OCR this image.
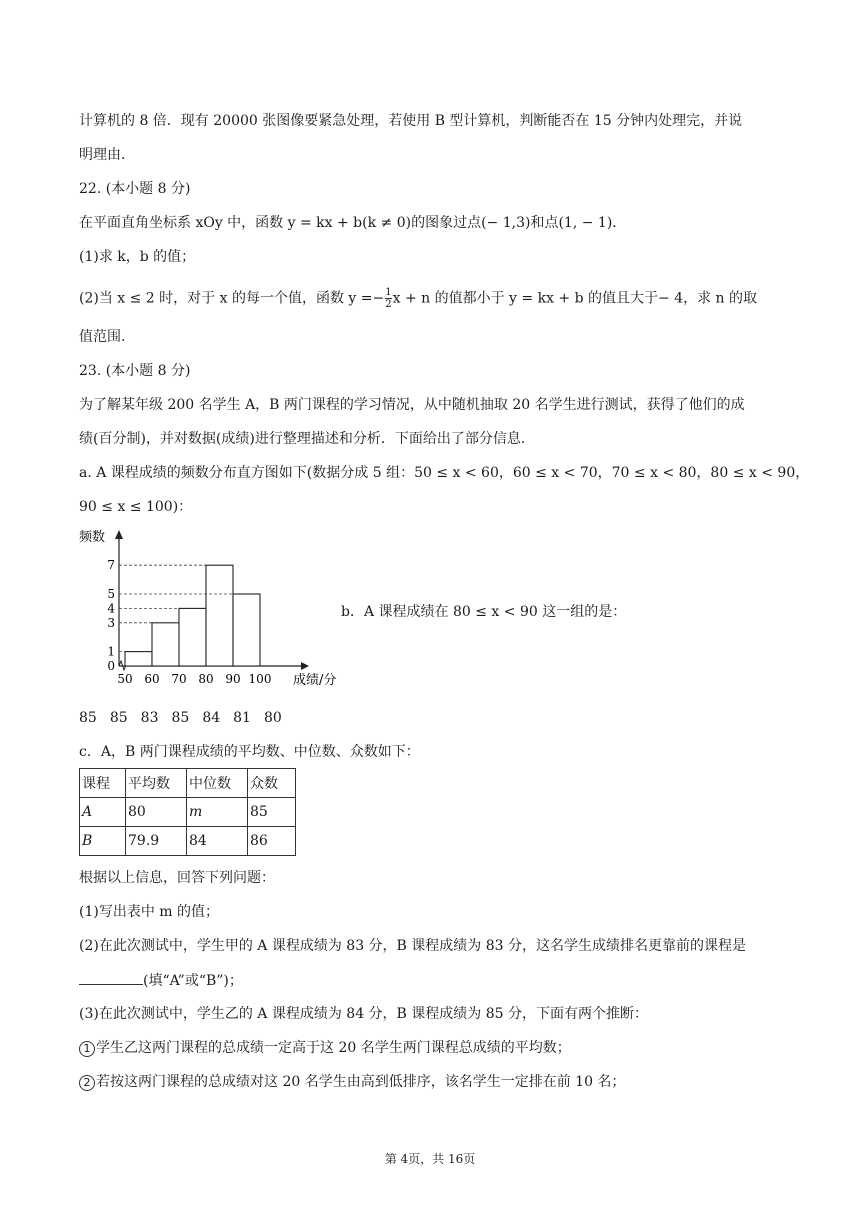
计算机的 8 倍．现有 20000 张图像要紧急处理，若使用 B 型计算机，判断能否在 15 分钟内处理完，并说
明理由．
22. (本小题 8 分)
在平面直角坐标系 xOy 中，函数 y = kx + b(k ≠ 0)的图象过点(− 1,3)和点(1, − 1)．
(1)求 k，b 的值；
(2)当 x ≤ 2 时，对于 x 的每一个值，函数 $y =- \frac{1}{2}$ x + n 的值都小于 y = kx + b 的值且大于− 4，求 n 的取
值范围．
23. (本小题 8 分)
为了解某年级 200 名学生 A，B 两门课程的学习情况，从中随机抽取 20 名学生进行测试，获得了他们的成
绩(百分制)，并对数据(成绩)进行整理描述和分析．下面给出了部分信息．
a. A 课程成绩的频数分布直方图如下(数据分成 5 组：50 ≤ x < 60，60 ≤ x < 70，70 ≤ x < 80，80 ≤ x < 90，
90 ≤ x ≤ 100)：
0
1
3
4
5
7
50 60 70 80 90 100
频数
成绩/分
b．A 课程成绩在 80 ≤ x < 90 这一组的是：
85 85 83 85 84 81 80
c．A，B 两门课程成绩的平均数、中位数、众数如下：
课程	平均数	中位数	众数
A	80	m	85
B	79.9	84	86
根据以上信息，回答下列问题：
(1)写出表中 m 的值；
(2)在此次测试中，学生甲的 A 课程成绩为 83 分，B 课程成绩为 83 分，这名学生成绩排名更靠前的课程是
(填“A”或“B”)；
(3)在此次测试中，学生乙的 A 课程成绩为 84 分，B 课程成绩为 85 分，下面有两个推断：
1 学生乙这两门课程的总成绩一定高于这 20 名学生两门课程总成绩的平均数；
2 若按这两门课程的总成绩对这 20 名学生由高到低排序，该名学生一定排在前 10 名；
第 4页，共 16页
